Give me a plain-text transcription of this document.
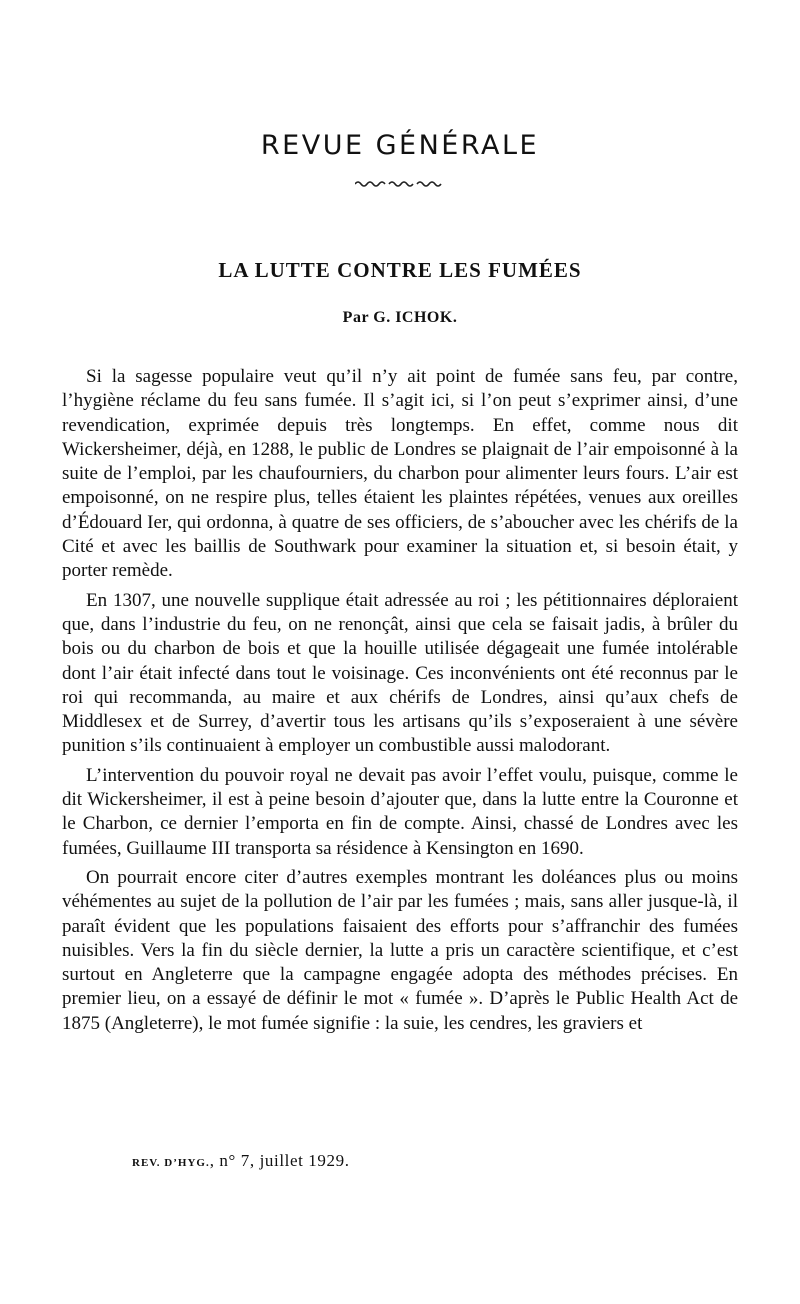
REVUE GÉNÉRALE
LA LUTTE CONTRE LES FUMÉES
Par G. ICHOK.

Si la sagesse populaire veut qu’il n’y ait point de fumée sans feu, par contre, l’hygiène réclame du feu sans fumée. Il s’agit ici, si l’on peut s’exprimer ainsi, d’une revendication, exprimée depuis très longtemps. En effet, comme nous dit Wickersheimer, déjà, en 1288, le public de Londres se plaignait de l’air empoisonné à la suite de l’emploi, par les chaufourniers, du charbon pour alimenter leurs fours. L’air est empoisonné, on ne respire plus, telles étaient les plaintes répétées, venues aux oreilles d’Édouard Ier, qui ordonna, à quatre de ses officiers, de s’aboucher avec les chérifs de la Cité et avec les baillis de Southwark pour examiner la situation et, si besoin était, y porter remède.

En 1307, une nouvelle supplique était adressée au roi ; les pétitionnaires déploraient que, dans l’industrie du feu, on ne renonçât, ainsi que cela se faisait jadis, à brûler du bois ou du charbon de bois et que la houille utilisée dégageait une fumée intolérable dont l’air était infecté dans tout le voisinage. Ces inconvénients ont été reconnus par le roi qui recommanda, au maire et aux chérifs de Londres, ainsi qu’aux chefs de Middlesex et de Surrey, d’avertir tous les artisans qu’ils s’exposeraient à une sévère punition s’ils continuaient à employer un combustible aussi malodorant.

L’intervention du pouvoir royal ne devait pas avoir l’effet voulu, puisque, comme le dit Wickersheimer, il est à peine besoin d’ajouter que, dans la lutte entre la Couronne et le Charbon, ce dernier l’emporta en fin de compte. Ainsi, chassé de Londres avec les fumées, Guillaume III transporta sa résidence à Kensington en 1690.

On pourrait encore citer d’autres exemples montrant les doléances plus ou moins véhémentes au sujet de la pollution de l’air par les fumées ; mais, sans aller jusque-là, il paraît évident que les populations faisaient des efforts pour s’affranchir des fumées nuisibles. Vers la fin du siècle dernier, la lutte a pris un caractère scientifique, et c’est surtout en Angleterre que la campagne engagée adopta des méthodes précises. En premier lieu, on a essayé de définir le mot « fumée ». D’après le Public Health Act de 1875 (Angleterre), le mot fumée signifie : la suie, les cendres, les graviers et

REV. D’HYG., n° 7, juillet 1929.
